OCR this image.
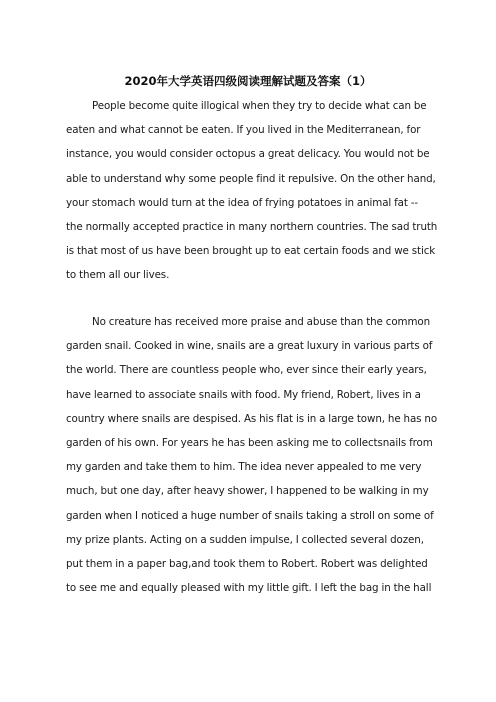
2020年大学英语四级阅读理解试题及答案（1）
People become quite illogical when they try to decide what can be
eaten and what cannot be eaten. If you lived in the Mediterranean, for
instance, you would consider octopus a great delicacy. You would not be
able to understand why some people find it repulsive. On the other hand,
your stomach would turn at the idea of frying potatoes in animal fat --
the normally accepted practice in many northern countries. The sad truth
is that most of us have been brought up to eat certain foods and we stick
to them all our lives.
No creature has received more praise and abuse than the common
garden snail. Cooked in wine, snails are a great luxury in various parts of
the world. There are countless people who, ever since their early years,
have learned to associate snails with food. My friend, Robert, lives in a
country where snails are despised. As his flat is in a large town, he has no
garden of his own. For years he has been asking me to collectsnails from
my garden and take them to him. The idea never appealed to me very
much, but one day, after heavy shower, I happened to be walking in my
garden when I noticed a huge number of snails taking a stroll on some of
my prize plants. Acting on a sudden impulse, I collected several dozen,
put them in a paper bag,and took them to Robert. Robert was delighted
to see me and equally pleased with my little gift. I left the bag in the hall
